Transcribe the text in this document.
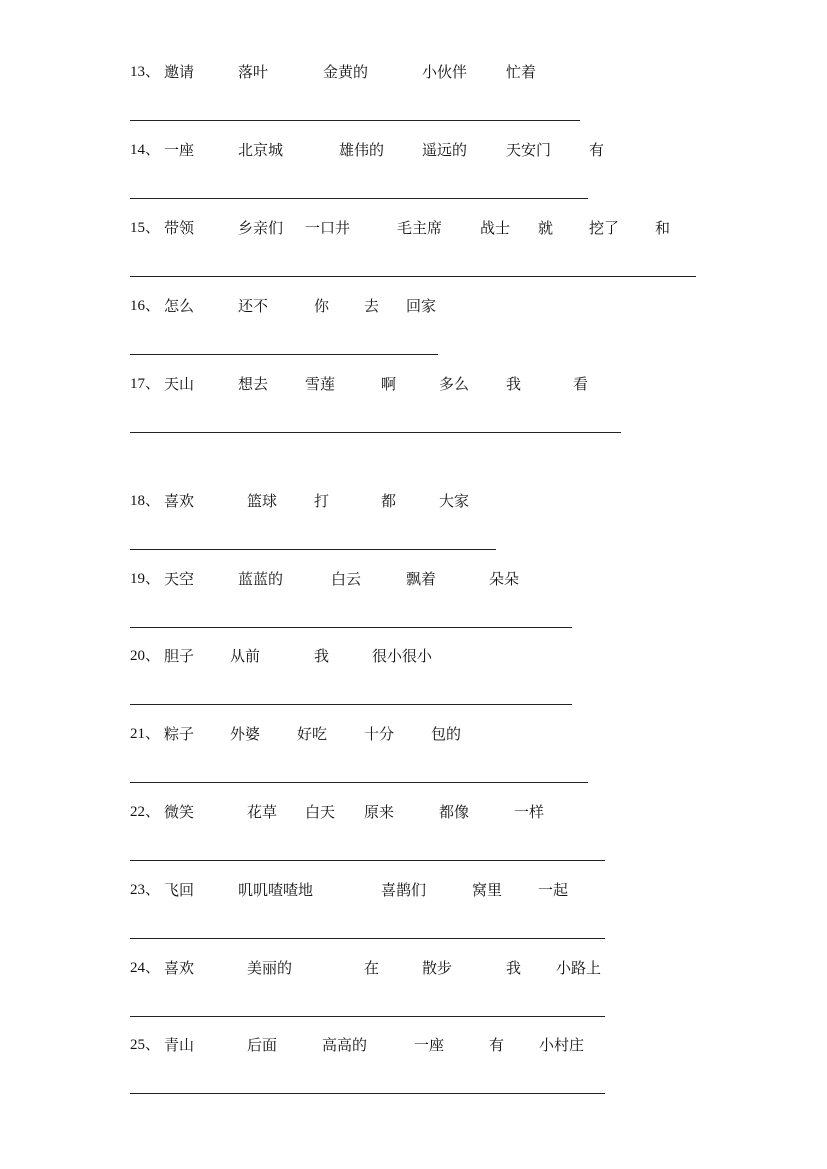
13、 邀请	落叶	金黄的	小伙伴	忙着
14、 一座	北京城	雄伟的	遥远的	天安门	有
15、 带领	乡亲们 一口井	毛主席	战士 就 挖了 和
16、 怎么	还不	你 去 回家
17、 天山	想去 雪莲	啊	多么 我	看
18、 喜欢	篮球 打	都	大家
19、 天空	蓝蓝的	白云	飘着	朵朵
20、 胆子 从前	我	很小很小
21、 粽子 外婆 好吃 十分 包的
22、 微笑	花草 白天 原来	都像	一样
23、 飞回	叽叽喳喳地	喜鹊们	窝里 一起
24、 喜欢	美丽的	在	散步	我 小路上
25、 青山	后面	高高的	一座	有 小村庄
